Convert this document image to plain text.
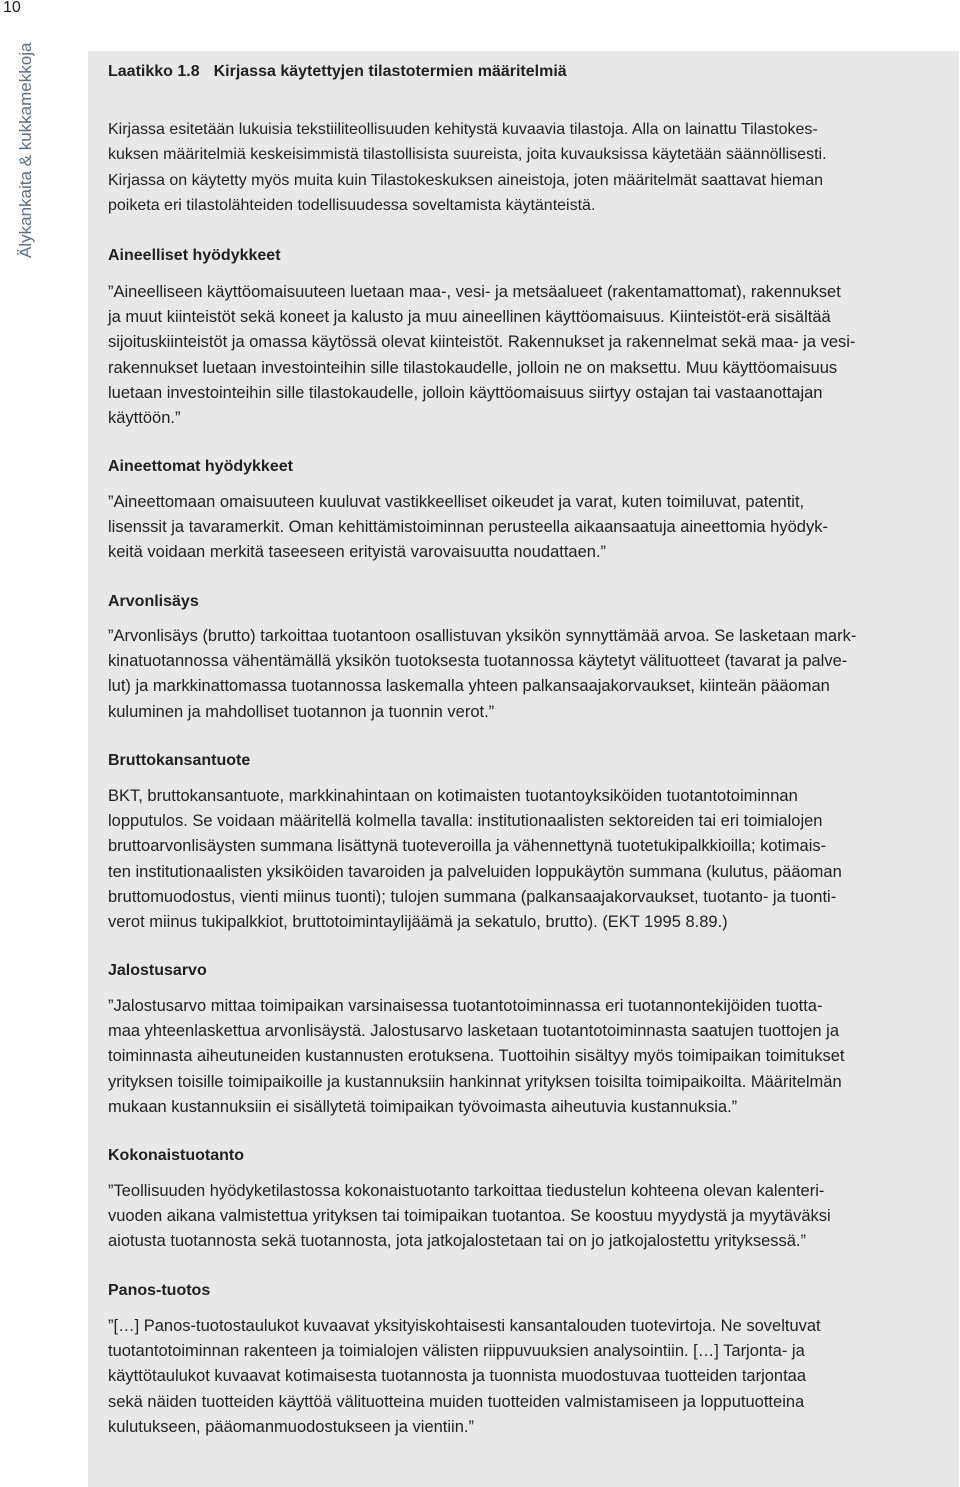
10
Älykankaita & kukkamekkoja	Laatikko 1.8 Kirjassa käytettyjen tilastotermien määritelmiä

Kirjassa esitetään lukuisia tekstiiliteollisuuden kehitystä kuvaavia tilastoja. Alla on lainattu Tilastokes-
kuksen määritelmiä keskeisimmistä tilastollisista suureista, joita kuvauksissa käytetään säännöllisesti.
Kirjassa on käytetty myös muita kuin Tilastokeskuksen aineistoja, joten määritelmät saattavat hieman
poiketa eri tilastolähteiden todellisuudessa soveltamista käytänteistä.

Aineelliset hyödykkeet

”Aineelliseen käyttöomaisuuteen luetaan maa-, vesi- ja metsäalueet (rakentamattomat), rakennukset
ja muut kiinteistöt sekä koneet ja kalusto ja muu aineellinen käyttöomaisuus. Kiinteistöt-erä sisältää
sijoituskiinteistöt ja omassa käytössä olevat kiinteistöt. Rakennukset ja rakennelmat sekä maa- ja vesi-
rakennukset luetaan investointeihin sille tilastokaudelle, jolloin ne on maksettu. Muu käyttöomaisuus
luetaan investointeihin sille tilastokaudelle, jolloin käyttöomaisuus siirtyy ostajan tai vastaanottajan
käyttöön.”

Aineettomat hyödykkeet

”Aineettomaan omaisuuteen kuuluvat vastikkeelliset oikeudet ja varat, kuten toimiluvat, patentit,
lisenssit ja tavaramerkit. Oman kehittämistoiminnan perusteella aikaansaatuja aineettomia hyödyk-
keitä voidaan merkitä taseeseen erityistä varovaisuutta noudattaen.”

Arvonlisäys

”Arvonlisäys (brutto) tarkoittaa tuotantoon osallistuvan yksikön synnyttämää arvoa. Se lasketaan mark-
kinatuotannossa vähentämällä yksikön tuotoksesta tuotannossa käytetyt välituotteet (tavarat ja palve-
lut) ja markkinattomassa tuotannossa laskemalla yhteen palkansaajakorvaukset, kiinteän pääoman
kuluminen ja mahdolliset tuotannon ja tuonnin verot.”

Bruttokansantuote

BKT, bruttokansantuote, markkinahintaan on kotimaisten tuotantoyksiköiden tuotantotoiminnan
lopputulos. Se voidaan määritellä kolmella tavalla: institutionaalisten sektoreiden tai eri toimialojen
bruttoarvonlisäysten summana lisättynä tuoteveroilla ja vähennettynä tuotetukipalkkioilla; kotimais-
ten institutionaalisten yksiköiden tavaroiden ja palveluiden loppukäytön summana (kulutus, pääoman
bruttomuodostus, vienti miinus tuonti); tulojen summana (palkansaajakorvaukset, tuotanto- ja tuonti-
verot miinus tukipalkkiot, bruttotoimintaylijäämä ja sekatulo, brutto). (EKT 1995 8.89.)

Jalostusarvo

”Jalostusarvo mittaa toimipaikan varsinaisessa tuotantotoiminnassa eri tuotannontekijöiden tuotta-
maa yhteenlaskettua arvonlisäystä. Jalostusarvo lasketaan tuotantotoiminnasta saatujen tuottojen ja
toiminnasta aiheutuneiden kustannusten erotuksena. Tuottoihin sisältyy myös toimipaikan toimitukset
yrityksen toisille toimipaikoille ja kustannuksiin hankinnat yrityksen toisilta toimipaikoilta. Määritelmän
mukaan kustannuksiin ei sisällytetä toimipaikan työvoimasta aiheutuvia kustannuksia.”

Kokonaistuotanto

”Teollisuuden hyödyketilastossa kokonaistuotanto tarkoittaa tiedustelun kohteena olevan kalenteri-
vuoden aikana valmistettua yrityksen tai toimipaikan tuotantoa. Se koostuu myydystä ja myytäväksi
aiotusta tuotannosta sekä tuotannosta, jota jatkojalostetaan tai on jo jatkojalostettu yrityksessä.”

Panos-tuotos

”[…] Panos-tuotostaulukot kuvaavat yksityiskohtaisesti kansantalouden tuotevirtoja. Ne soveltuvat
tuotantotoiminnan rakenteen ja toimialojen välisten riippuvuuksien analysointiin. […] Tarjonta- ja
käyttötaulukot kuvaavat kotimaisesta tuotannosta ja tuonnista muodostuvaa tuotteiden tarjontaa
sekä näiden tuotteiden käyttöä välituotteina muiden tuotteiden valmistamiseen ja lopputuotteina
kulutukseen, pääomanmuodostukseen ja vientiin.”
